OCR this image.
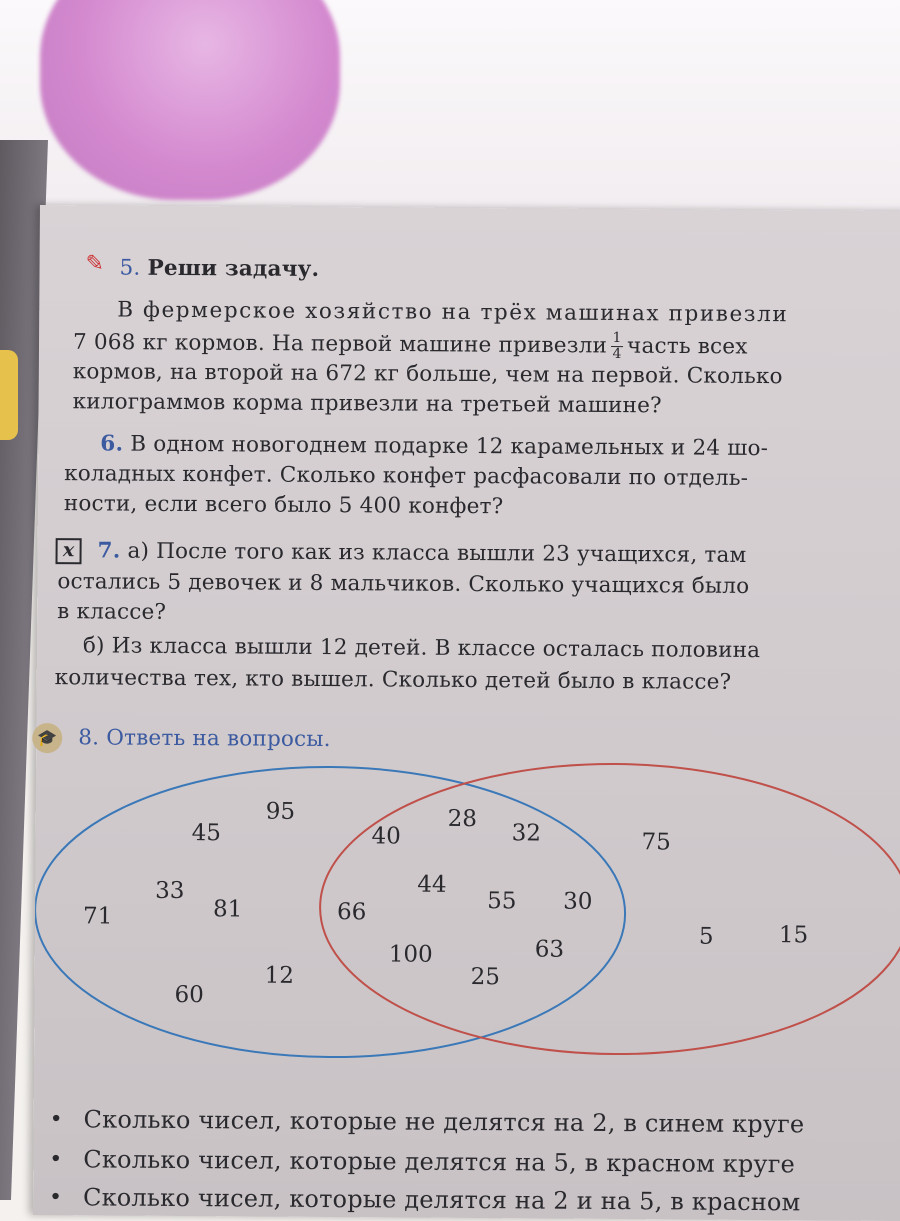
✎ 5. Реши задачу.
В фермерское хозяйство на трёх машинах привезли
7 068 кг кормов. На первой машине привезли $\frac{1}{4}$ часть всех
кормов, на второй на 672 кг больше, чем на первой. Сколько
килограммов корма привезли на третьей машине?
6. В одном новогоднем подарке 12 карамельных и 24 шо-
коладных конфет. Сколько конфет расфасовали по отдель-
ности, если всего было 5 400 конфет?
x	7. а) После того как из класса вышли 23 учащихся, там
остались 5 девочек и 8 мальчиков. Сколько учащихся было
в классе?
б) Из класса вышли 12 детей. В классе осталась половина
количества тех, кто вышел. Сколько детей было в классе?
🎓 8. Ответь на вопросы.
95
45
33
81
71
60
12
28
40	32
44
66	55 30
100	63
25
75
5	15
• Сколько чисел, которые не делятся на 2, в синем круге
• Сколько чисел, которые делятся на 5, в красном круге
• Сколько чисел, которые делятся на 2 и на 5, в красном
